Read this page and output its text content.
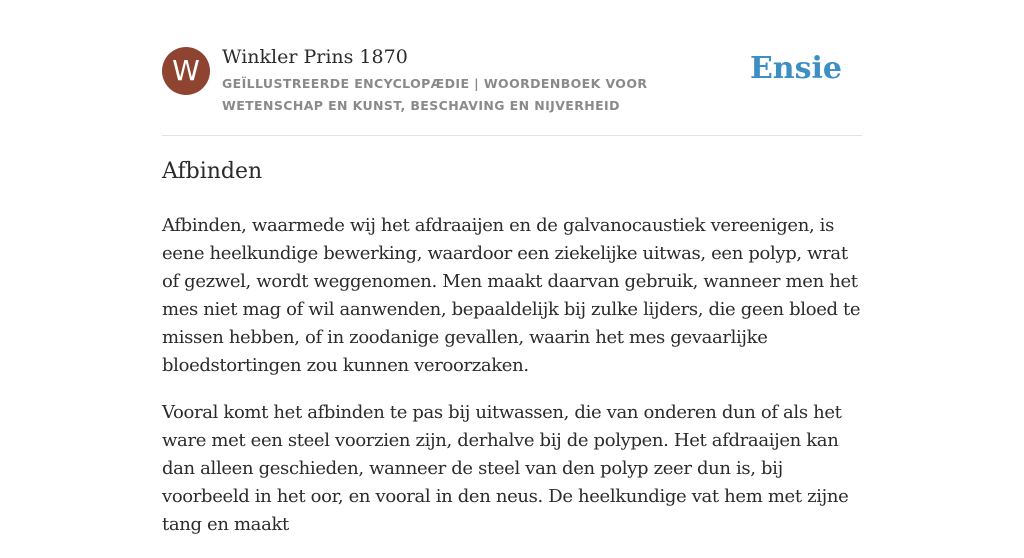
W	Winkler Prins 1870
GEÏLLUSTREERDE ENCYCLOPÆDIE | WOORDENBOEK VOOR WETENSCHAP EN KUNST, BESCHAVING EN NIJVERHEID
Ensie
Afbinden

Afbinden, waarmede wij het afdraaijen en de galvanocaustiek vereenigen, is eene heelkundige bewerking, waardoor een ziekelijke uitwas, een polyp, wrat of gezwel, wordt weggenomen. Men maakt daarvan gebruik, wanneer men het mes niet mag of wil aanwenden, bepaaldelijk bij zulke lijders, die geen bloed te missen hebben, of in zoodanige gevallen, waarin het mes gevaarlijke bloedstortingen zou kunnen veroorzaken.

Vooral komt het afbinden te pas bij uitwassen, die van onderen dun of als het ware met een steel voorzien zijn, derhalve bij de polypen. Het afdraaijen kan dan alleen geschieden, wanneer de steel van den polyp zeer dun is, bij voorbeeld in het oor, en vooral in den neus. De heelkundige vat hem met zijne tang en maakt
